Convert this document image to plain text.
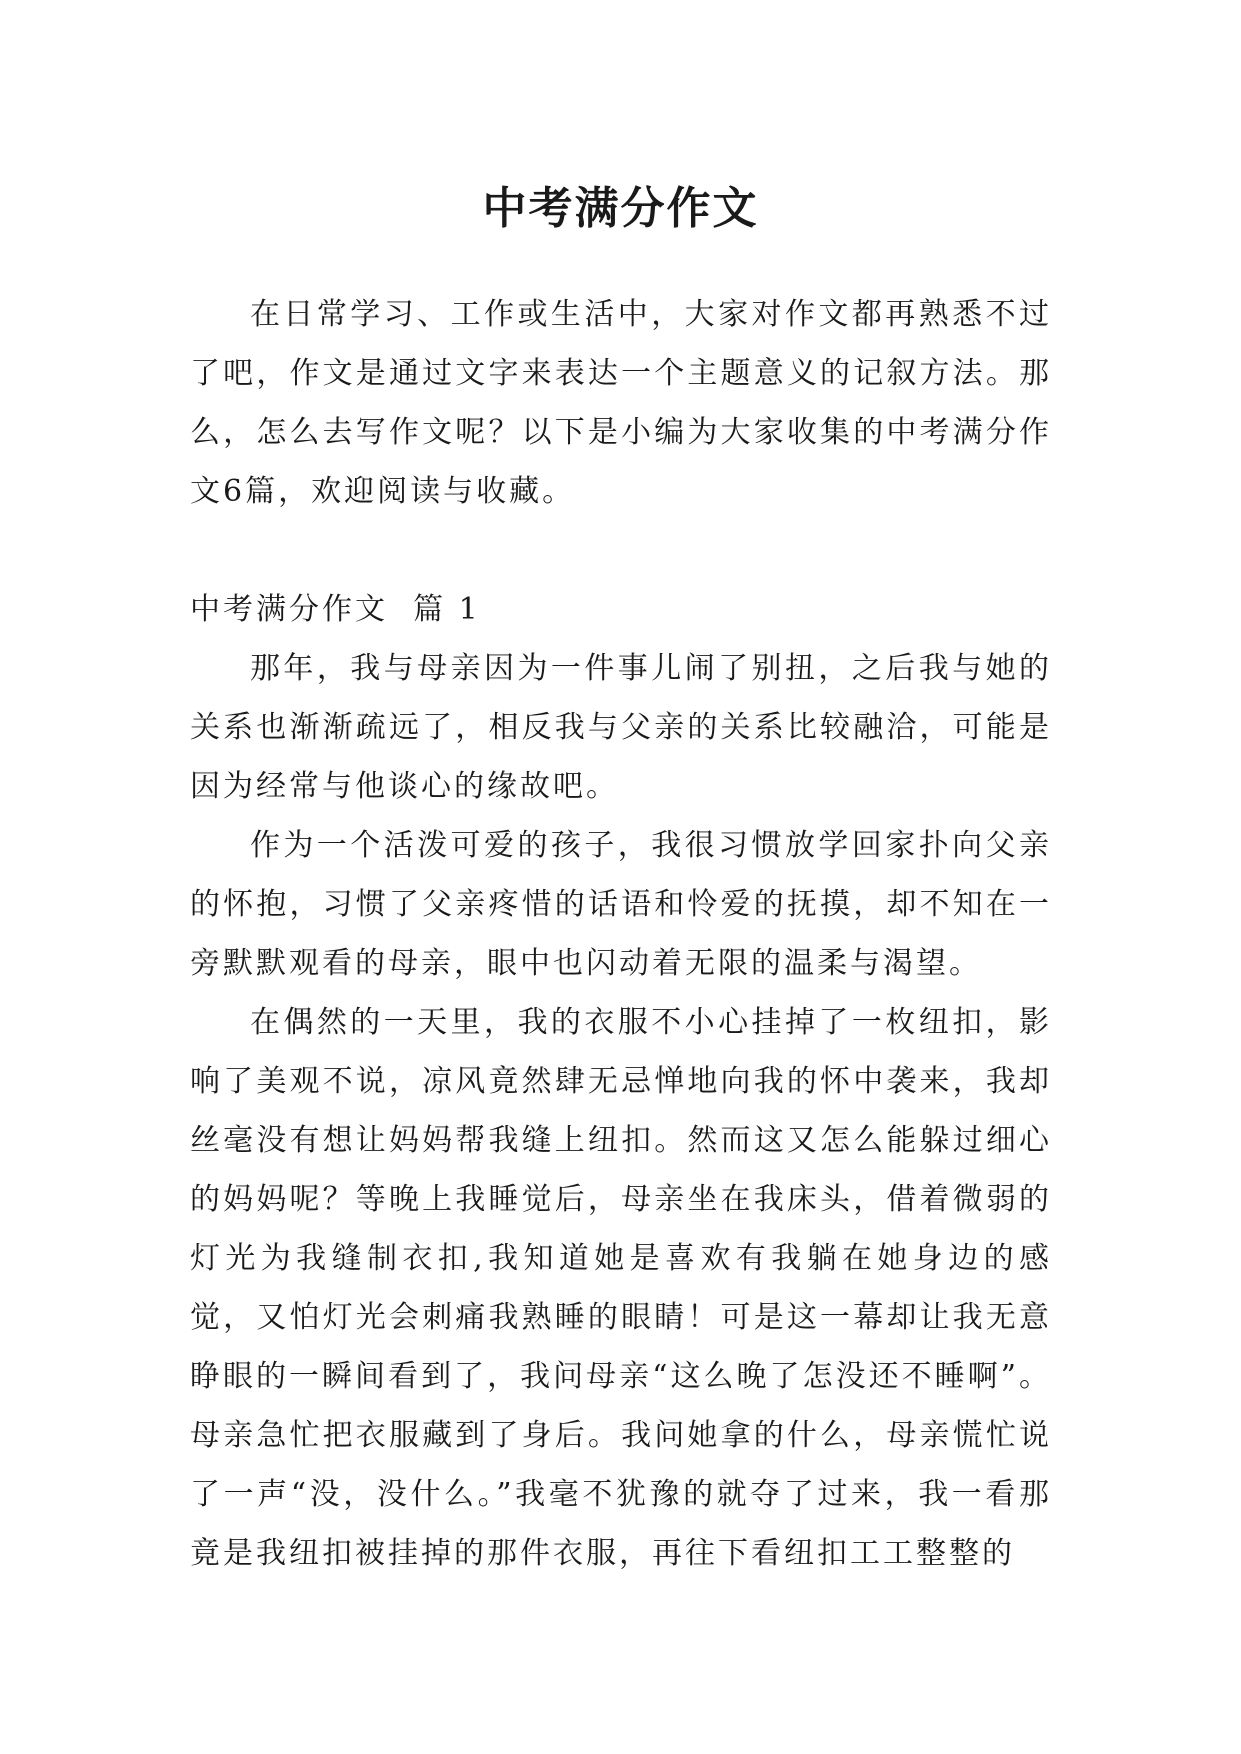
中考满分作文

在日常学习、工作或生活中，大家对作文都再熟悉不过了吧，作文是通过文字来表达一个主题意义的记叙方法。那么，怎么去写作文呢？以下是小编为大家收集的中考满分作文6篇，欢迎阅读与收藏。

中考满分作文  篇 1

那年，我与母亲因为一件事儿闹了别扭，之后我与她的关系也渐渐疏远了，相反我与父亲的关系比较融洽，可能是因为经常与他谈心的缘故吧。

作为一个活泼可爱的孩子，我很习惯放学回家扑向父亲的怀抱，习惯了父亲疼惜的话语和怜爱的抚摸，却不知在一旁默默观看的母亲，眼中也闪动着无限的温柔与渴望。

在偶然的一天里，我的衣服不小心挂掉了一枚纽扣，影响了美观不说，凉风竟然肆无忌惮地向我的怀中袭来，我却丝毫没有想让妈妈帮我缝上纽扣。然而这又怎么能躲过细心的妈妈呢？等晚上我睡觉后，母亲坐在我床头，借着微弱的灯光为我缝制衣扣,我知道她是喜欢有我躺在她身边的感觉，又怕灯光会刺痛我熟睡的眼睛！可是这一幕却让我无意睁眼的一瞬间看到了，我问母亲“这么晚了怎没还不睡啊”。母亲急忙把衣服藏到了身后。我问她拿的什么，母亲慌忙说了一声“没，没什么。”我毫不犹豫的就夺了过来，我一看那竟是我纽扣被挂掉的那件衣服，再往下看纽扣工工整整的
